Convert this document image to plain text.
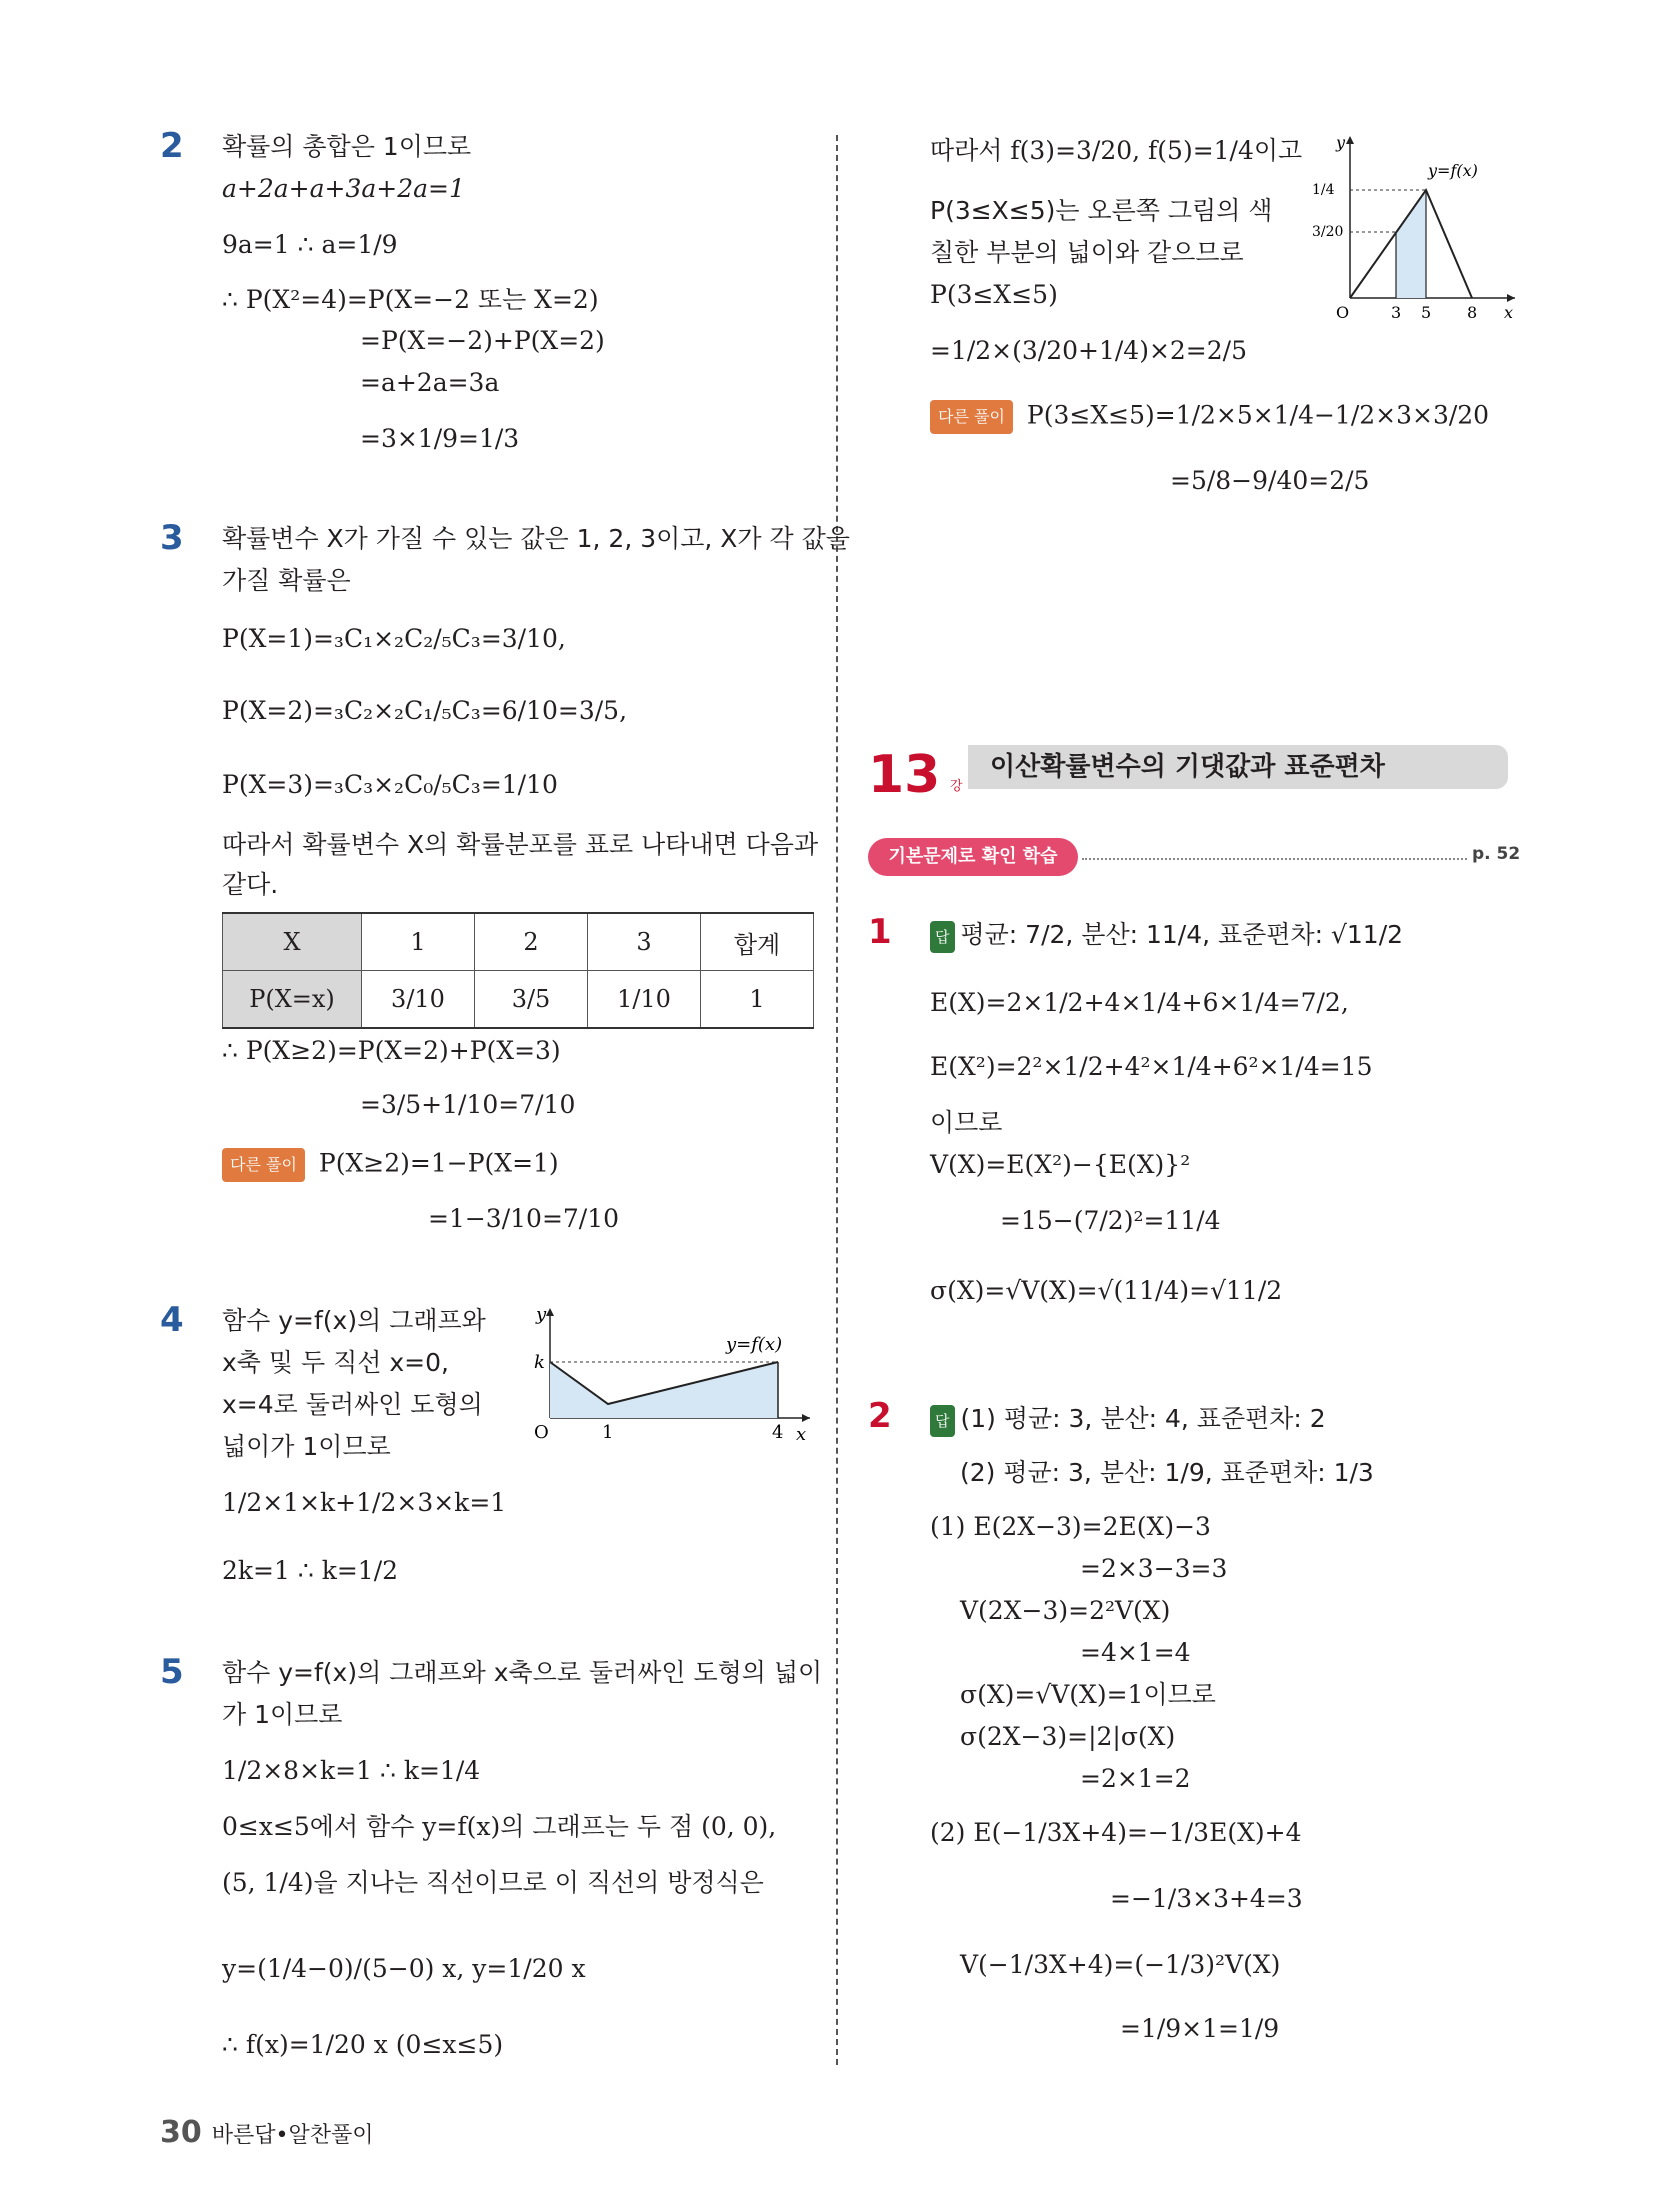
2 확률의 총합은 1이므로
a+2a+a+3a+2a=1
9a=1 ∴ a=1/9
∴ P(X²=4)=P(X=−2 또는 X=2)
=P(X=−2)+P(X=2)
=a+2a=3a
=3×1/9=1/3
3 확률변수 X가 가질 수 있는 값은 1, 2, 3이고, X가 각 값을
가질 확률은
P(X=1)=₃C₁×₂C₂/₅C₃=3/10,
P(X=2)=₃C₂×₂C₁/₅C₃=6/10=3/5,
P(X=3)=₃C₃×₂C₀/₅C₃=1/10
따라서 확률변수 X의 확률분포를 표로 나타내면 다음과
같다.
X	1	2	3	합계
P(X=x)	3/10	3/5	1/10	1
∴ P(X≥2)=P(X=2)+P(X=3)
=3/5+1/10=7/10
다른 풀이 P(X≥2)=1−P(X=1)
=1−3/10=7/10
4 함수 y=f(x)의 그래프와
x축 및 두 직선 x=0,
x=4로 둘러싸인 도형의
넓이가 1이므로
1/2×1×k+1/2×3×k=1
2k=1 ∴ k=1/2
y
x
k
O	1	4
y=f(x)
5 함수 y=f(x)의 그래프와 x축으로 둘러싸인 도형의 넓이
가 1이므로
1/2×8×k=1 ∴ k=1/4
0≤x≤5에서 함수 y=f(x)의 그래프는 두 점 (0, 0),
(5, 1/4)을 지나는 직선이므로 이 직선의 방정식은
y=(1/4−0)/(5−0) x, y=1/20 x
∴ f(x)=1/20 x (0≤x≤5)
따라서 f(3)=3/20, f(5)=1/4이고
P(3≤X≤5)는 오른쪽 그림의 색
칠한 부분의 넓이와 같으므로
P(3≤X≤5)
=1/2×(3/20+1/4)×2=2/5
다른 풀이 P(3≤X≤5)=1/2×5×1/4−1/2×3×3/20
=5/8−9/40=2/5
y
x
1/4
3/20
O	3 5 8
y=f(x)
13 강
이산확률변수의 기댓값과 표준편차
기본문제로 확인 학습	p. 52
1	답 평균: 7/2, 분산: 11/4, 표준편차: √11/2
E(X)=2×1/2+4×1/4+6×1/4=7/2,
E(X²)=2²×1/2+4²×1/4+6²×1/4=15
이므로
V(X)=E(X²)−{E(X)}²
=15−(7/2)²=11/4
σ(X)=√V(X)=√(11/4)=√11/2
2	답 (1) 평균: 3, 분산: 4, 표준편차: 2
(2) 평균: 3, 분산: 1/9, 표준편차: 1/3
(1) E(2X−3)=2E(X)−3
=2×3−3=3
V(2X−3)=2²V(X)
=4×1=4
σ(X)=√V(X)=1이므로
σ(2X−3)=|2|σ(X)
=2×1=2
(2) E(−1/3X+4)=−1/3E(X)+4
=−1/3×3+4=3
V(−1/3X+4)=(−1/3)²V(X)
=1/9×1=1/9
30 바른답•알찬풀이
